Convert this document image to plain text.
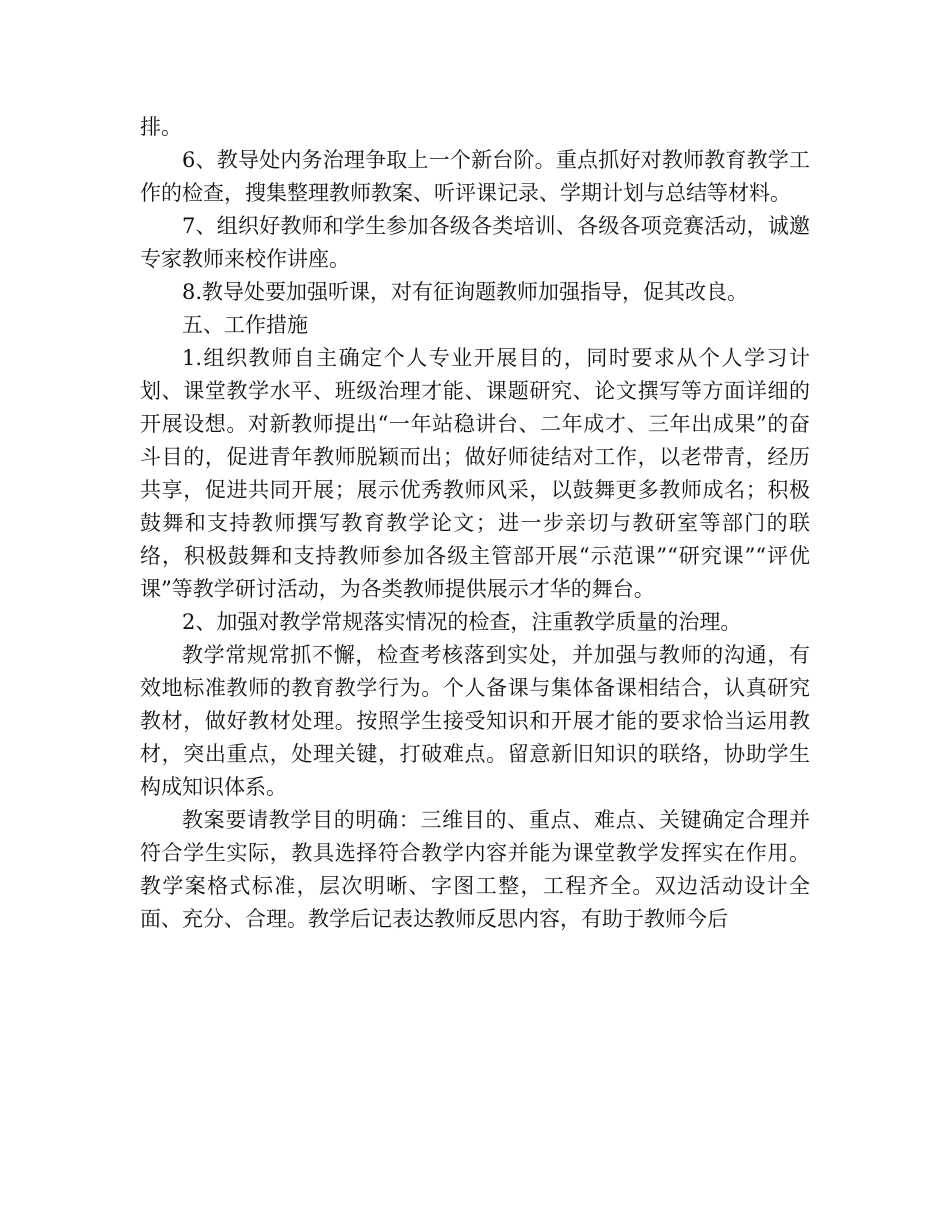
排。

6、教导处内务治理争取上一个新台阶。重点抓好对教师教育教学工作的检查，搜集整理教师教案、听评课记录、学期计划与总结等材料。

7、组织好教师和学生参加各级各类培训、各级各项竞赛活动，诚邀专家教师来校作讲座。

8.教导处要加强听课，对有征询题教师加强指导，促其改良。

五、工作措施

1.组织教师自主确定个人专业开展目的，同时要求从个人学习计划、课堂教学水平、班级治理才能、课题研究、论文撰写等方面详细的开展设想。对新教师提出“一年站稳讲台、二年成才、三年出成果”的奋斗目的，促进青年教师脱颖而出；做好师徒结对工作，以老带青，经历共享，促进共同开展；展示优秀教师风采，以鼓舞更多教师成名；积极鼓舞和支持教师撰写教育教学论文；进一步亲切与教研室等部门的联络，积极鼓舞和支持教师参加各级主管部开展“示范课”“研究课”“评优课”等教学研讨活动，为各类教师提供展示才华的舞台。

2、加强对教学常规落实情况的检查，注重教学质量的治理。

教学常规常抓不懈，检查考核落到实处，并加强与教师的沟通，有效地标准教师的教育教学行为。个人备课与集体备课相结合，认真研究教材，做好教材处理。按照学生接受知识和开展才能的要求恰当运用教材，突出重点，处理关键，打破难点。留意新旧知识的联络，协助学生构成知识体系。

教案要请教学目的明确：三维目的、重点、难点、关键确定合理并符合学生实际，教具选择符合教学内容并能为课堂教学发挥实在作用。教学案格式标准，层次明晰、字图工整，工程齐全。双边活动设计全面、充分、合理。教学后记表达教师反思内容，有助于教师今后
